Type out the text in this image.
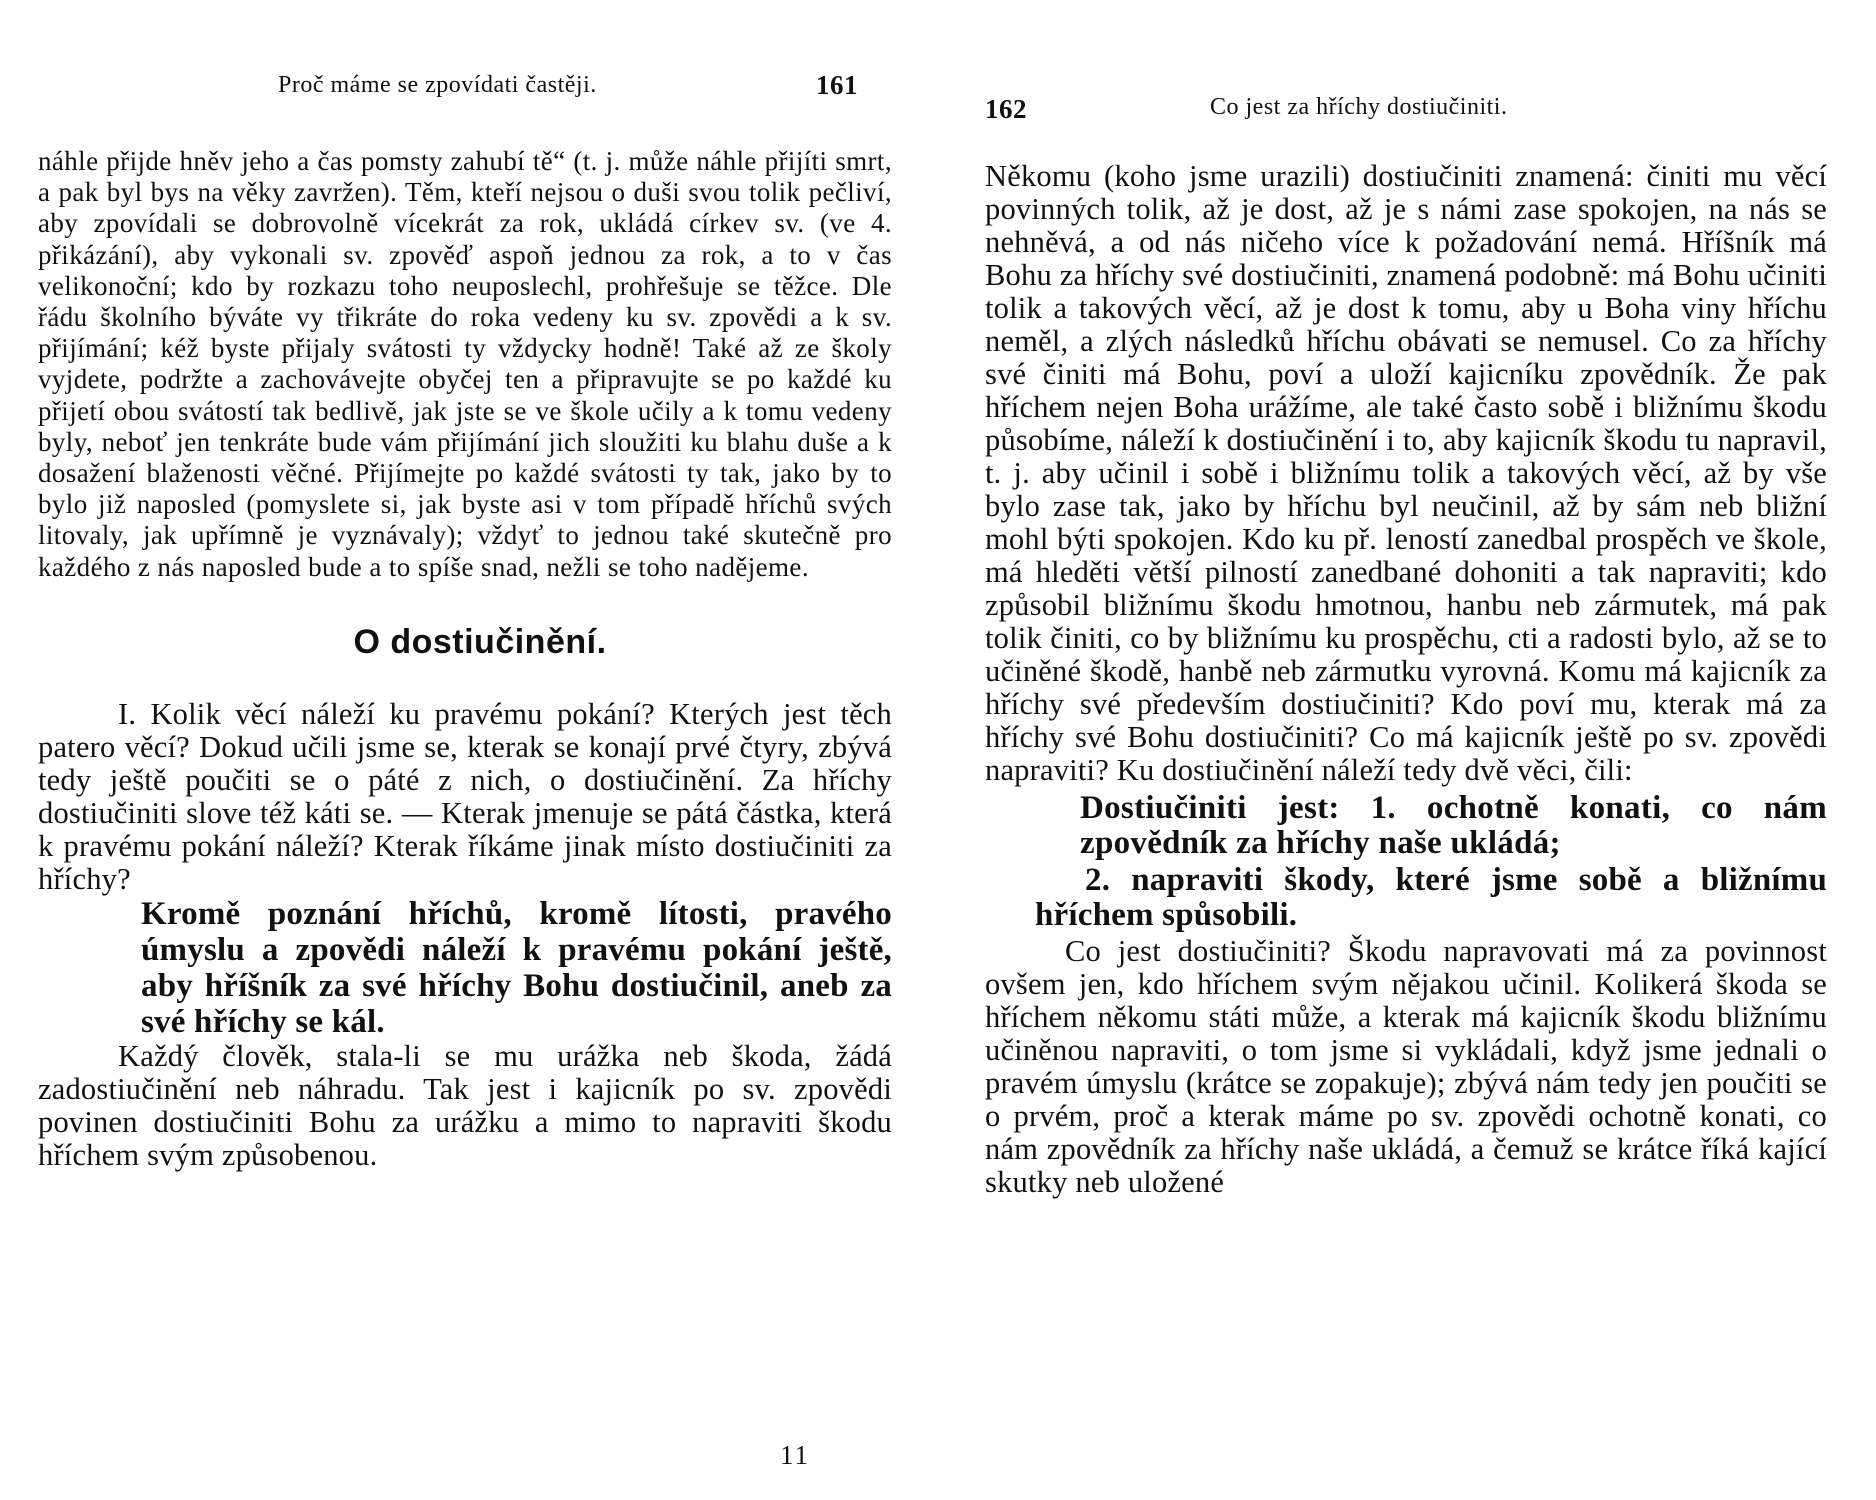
Proč máme se zpovídati častěji.	161

náhle přijde hněv jeho a čas pomsty zahubí tě“ (t. j. může náhle přijíti smrt, a pak byl bys na věky zavržen). Těm, kteří nejsou o duši svou tolik pečliví, aby zpovídali se dobrovolně vícekrát za rok, ukládá církev sv. (ve 4. přikázání), aby vykonali sv. zpověď aspoň jednou za rok, a to v čas velikonoční; kdo by rozkazu toho neuposlechl, prohřešuje se těžce. Dle řádu školního býváte vy třikráte do roka vedeny ku sv. zpovědi a k sv. přijímání; kéž byste přijaly svátosti ty vždycky hodně! Také až ze školy vyjdete, podržte a zachovávejte obyčej ten a připravujte se po každé ku přijetí obou svátostí tak bedlivě, jak jste se ve škole učily a k tomu vedeny byly, neboť jen tenkráte bude vám přijímání jich sloužiti ku blahu duše a k dosažení blaženosti věčné. Přijímejte po každé svátosti ty tak, jako by to bylo již naposled (pomyslete si, jak byste asi v tom případě hříchů svých litovaly, jak upřímně je vyznávaly); vždyť to jednou také skutečně pro každého z nás naposled bude a to spíše snad, nežli se toho nadějeme.

O dostiučinění.

I. Kolik věcí náleží ku pravému pokání? Kterých jest těch patero věcí? Dokud učili jsme se, kterak se konají prvé čtyry, zbývá tedy ještě poučiti se o páté z nich, o dostiučinění. Za hříchy dostiučiniti slove též káti se. — Kterak jmenuje se pátá částka, která k pravému pokání náleží? Kterak říkáme jinak místo dostiučiniti za hříchy?

Kromě poznání hříchů, kromě lítosti, pravého úmyslu a zpovědi náleží k pravému pokání ještě, aby hříšník za své hříchy Bohu dostiučinil, aneb za své hříchy se kál.

Každý člověk, stala-li se mu urážka neb škoda, žádá zadostiučinění neb náhradu. Tak jest i kajicník po sv. zpovědi povinen dostiučiniti Bohu za urážku a mimo to napraviti škodu hříchem svým způsobenou.

11
162	Co jest za hříchy dostiučiniti.

Někomu (koho jsme urazili) dostiučiniti znamená: činiti mu věcí povinných tolik, až je dost, až je s námi zase spokojen, na nás se nehněvá, a od nás ničeho více k požadování nemá. Hříšník má Bohu za hříchy své dostiučiniti, znamená podobně: má Bohu učiniti tolik a takových věcí, až je dost k tomu, aby u Boha viny hříchu neměl, a zlých následků hříchu obávati se nemusel. Co za hříchy své činiti má Bohu, poví a uloží kajicníku zpovědník. Že pak hříchem nejen Boha urážíme, ale také často sobě i bližnímu škodu působíme, náleží k dostiučinění i to, aby kajicník škodu tu napravil, t. j. aby učinil i sobě i bližnímu tolik a takových věcí, až by vše bylo zase tak, jako by hříchu byl neučinil, až by sám neb bližní mohl býti spokojen. Kdo ku př. leností zanedbal prospěch ve škole, má hleděti větší pilností zanedbané dohoniti a tak napraviti; kdo způsobil bližnímu škodu hmotnou, hanbu neb zármutek, má pak tolik činiti, co by bližnímu ku prospěchu, cti a radosti bylo, až se to učiněné škodě, hanbě neb zármutku vyrovná. Komu má kajicník za hříchy své především dostiučiniti? Kdo poví mu, kterak má za hříchy své Bohu dostiučiniti? Co má kajicník ještě po sv. zpovědi napraviti? Ku dostiučinění náleží tedy dvě věci, čili:

Dostiučiniti jest: 1. ochotně konati, co nám zpovědník za hříchy naše ukládá;

2. napraviti škody, které jsme sobě a bližnímu hříchem spůsobili.

Co jest dostiučiniti? Škodu napravovati má za povinnost ovšem jen, kdo hříchem svým nějakou učinil. Kolikerá škoda se hříchem někomu státi může, a kterak má kajicník škodu bližnímu učiněnou napraviti, o tom jsme si vykládali, když jsme jednali o pravém úmyslu (krátce se zopakuje); zbývá nám tedy jen poučiti se o prvém, proč a kterak máme po sv. zpovědi ochotně konati, co nám zpovědník za hříchy naše ukládá, a čemuž se krátce říká kající skutky neb uložené
